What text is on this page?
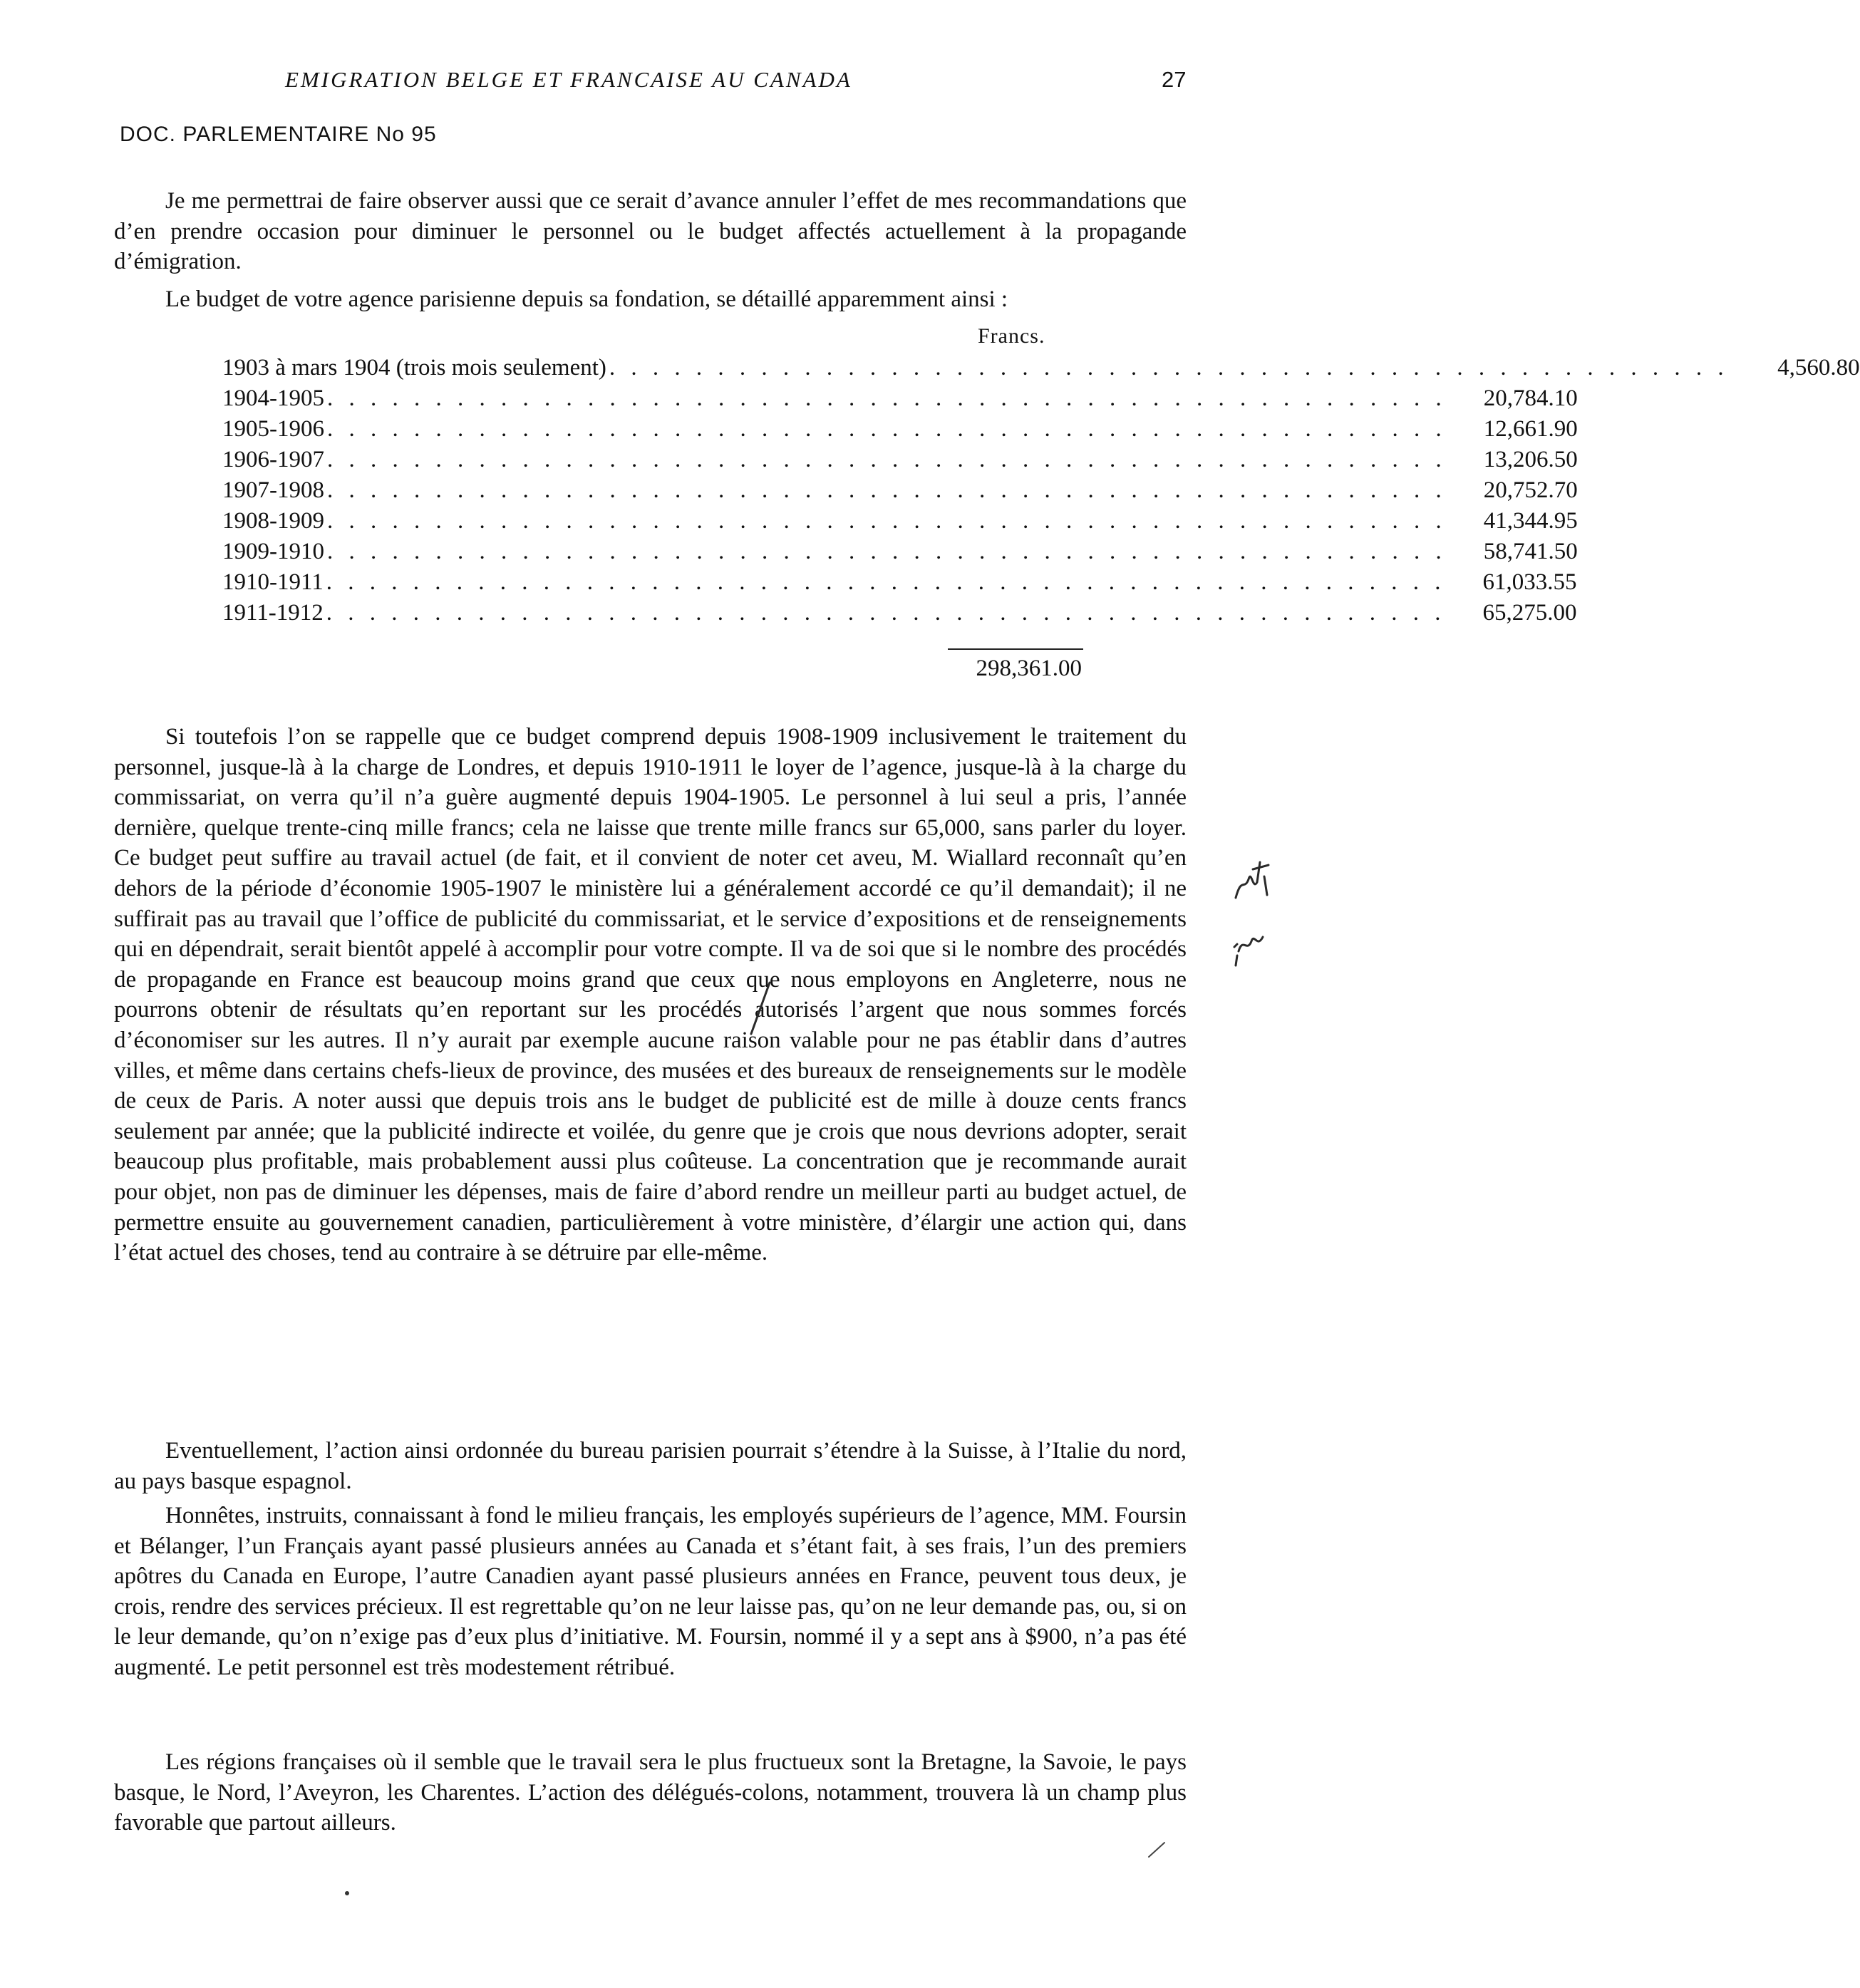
EMIGRATION BELGE ET FRANCAISE AU CANADA	27
DOC. PARLEMENTAIRE No 95

Je me permettrai de faire observer aussi que ce serait d’avance annuler l’effet de mes recommandations que d’en prendre occasion pour diminuer le personnel ou le budget affectés actuellement à la propagande d’émigration.

Le budget de votre agence parisienne depuis sa fondation, se détaillé apparemment ainsi :

Francs.
1903 à mars 1904 (trois mois seulement) . . . . . . . . . . . . . . . . . . . . . . . . . . . . . . . . . . . . . . . . . . . . . . . . . . . .	4,560.80
1904-1905 . . . . . . . . . . . . . . . . . . . . . . . . . . . . . . . . . . . . . . . . . . . . . . . . . . . .	20,784.10
1905-1906 . . . . . . . . . . . . . . . . . . . . . . . . . . . . . . . . . . . . . . . . . . . . . . . . . . . .	12,661.90
1906-1907 . . . . . . . . . . . . . . . . . . . . . . . . . . . . . . . . . . . . . . . . . . . . . . . . . . . .	13,206.50
1907-1908 . . . . . . . . . . . . . . . . . . . . . . . . . . . . . . . . . . . . . . . . . . . . . . . . . . . .	20,752.70
1908-1909 . . . . . . . . . . . . . . . . . . . . . . . . . . . . . . . . . . . . . . . . . . . . . . . . . . . .	41,344.95
1909-1910 . . . . . . . . . . . . . . . . . . . . . . . . . . . . . . . . . . . . . . . . . . . . . . . . . . . .	58,741.50
1910-1911 . . . . . . . . . . . . . . . . . . . . . . . . . . . . . . . . . . . . . . . . . . . . . . . . . . . .	61,033.55
1911-1912 . . . . . . . . . . . . . . . . . . . . . . . . . . . . . . . . . . . . . . . . . . . . . . . . . . . .	65,275.00
298,361.00

Si toutefois l’on se rappelle que ce budget comprend depuis 1908-1909 inclusivement le traitement du personnel, jusque-là à la charge de Londres, et depuis 1910-1911 le loyer de l’agence, jusque-là à la charge du commissariat, on verra qu’il n’a guère augmenté depuis 1904-1905. Le personnel à lui seul a pris, l’année dernière, quelque trente-cinq mille francs; cela ne laisse que trente mille francs sur 65,000, sans parler du loyer. Ce budget peut suffire au travail actuel (de fait, et il convient de noter cet aveu, M. Wiallard reconnaît qu’en dehors de la période d’économie 1905-1907 le ministère lui a généralement accordé ce qu’il demandait); il ne suffirait pas au travail que l’office de publicité du commissariat, et le service d’expositions et de renseignements qui en dépendrait, serait bientôt appelé à accomplir pour votre compte. Il va de soi que si le nombre des procédés de propagande en France est beaucoup moins grand que ceux que nous employons en Angleterre, nous ne pourrons obtenir de résultats qu’en reportant sur les procédés autorisés l’argent que nous sommes forcés d’économiser sur les autres. Il n’y aurait par exemple aucune raison valable pour ne pas établir dans d’autres villes, et même dans certains chefs-lieux de province, des musées et des bureaux de renseignements sur le modèle de ceux de Paris. A noter aussi que depuis trois ans le budget de publicité est de mille à douze cents francs seulement par année; que la publicité indirecte et voilée, du genre que je crois que nous devrions adopter, serait beaucoup plus profitable, mais probablement aussi plus coûteuse. La concentration que je recommande aurait pour objet, non pas de diminuer les dépenses, mais de faire d’abord rendre un meilleur parti au budget actuel, de permettre ensuite au gouvernement canadien, particulièrement à votre ministère, d’élargir une action qui, dans l’état actuel des choses, tend au contraire à se détruire par elle-même.

Eventuellement, l’action ainsi ordonnée du bureau parisien pourrait s’étendre à la Suisse, à l’Italie du nord, au pays basque espagnol.

Honnêtes, instruits, connaissant à fond le milieu français, les employés supérieurs de l’agence, MM. Foursin et Bélanger, l’un Français ayant passé plusieurs années au Canada et s’étant fait, à ses frais, l’un des premiers apôtres du Canada en Europe, l’autre Canadien ayant passé plusieurs années en France, peuvent tous deux, je crois, rendre des services précieux. Il est regrettable qu’on ne leur laisse pas, qu’on ne leur demande pas, ou, si on le leur demande, qu’on n’exige pas d’eux plus d’initiative. M. Foursin, nommé il y a sept ans à $900, n’a pas été augmenté. Le petit personnel est très modestement rétribué.

Les régions françaises où il semble que le travail sera le plus fructueux sont la Bretagne, la Savoie, le pays basque, le Nord, l’Aveyron, les Charentes. L’action des délégués-colons, notamment, trouvera là un champ plus favorable que partout ailleurs.
